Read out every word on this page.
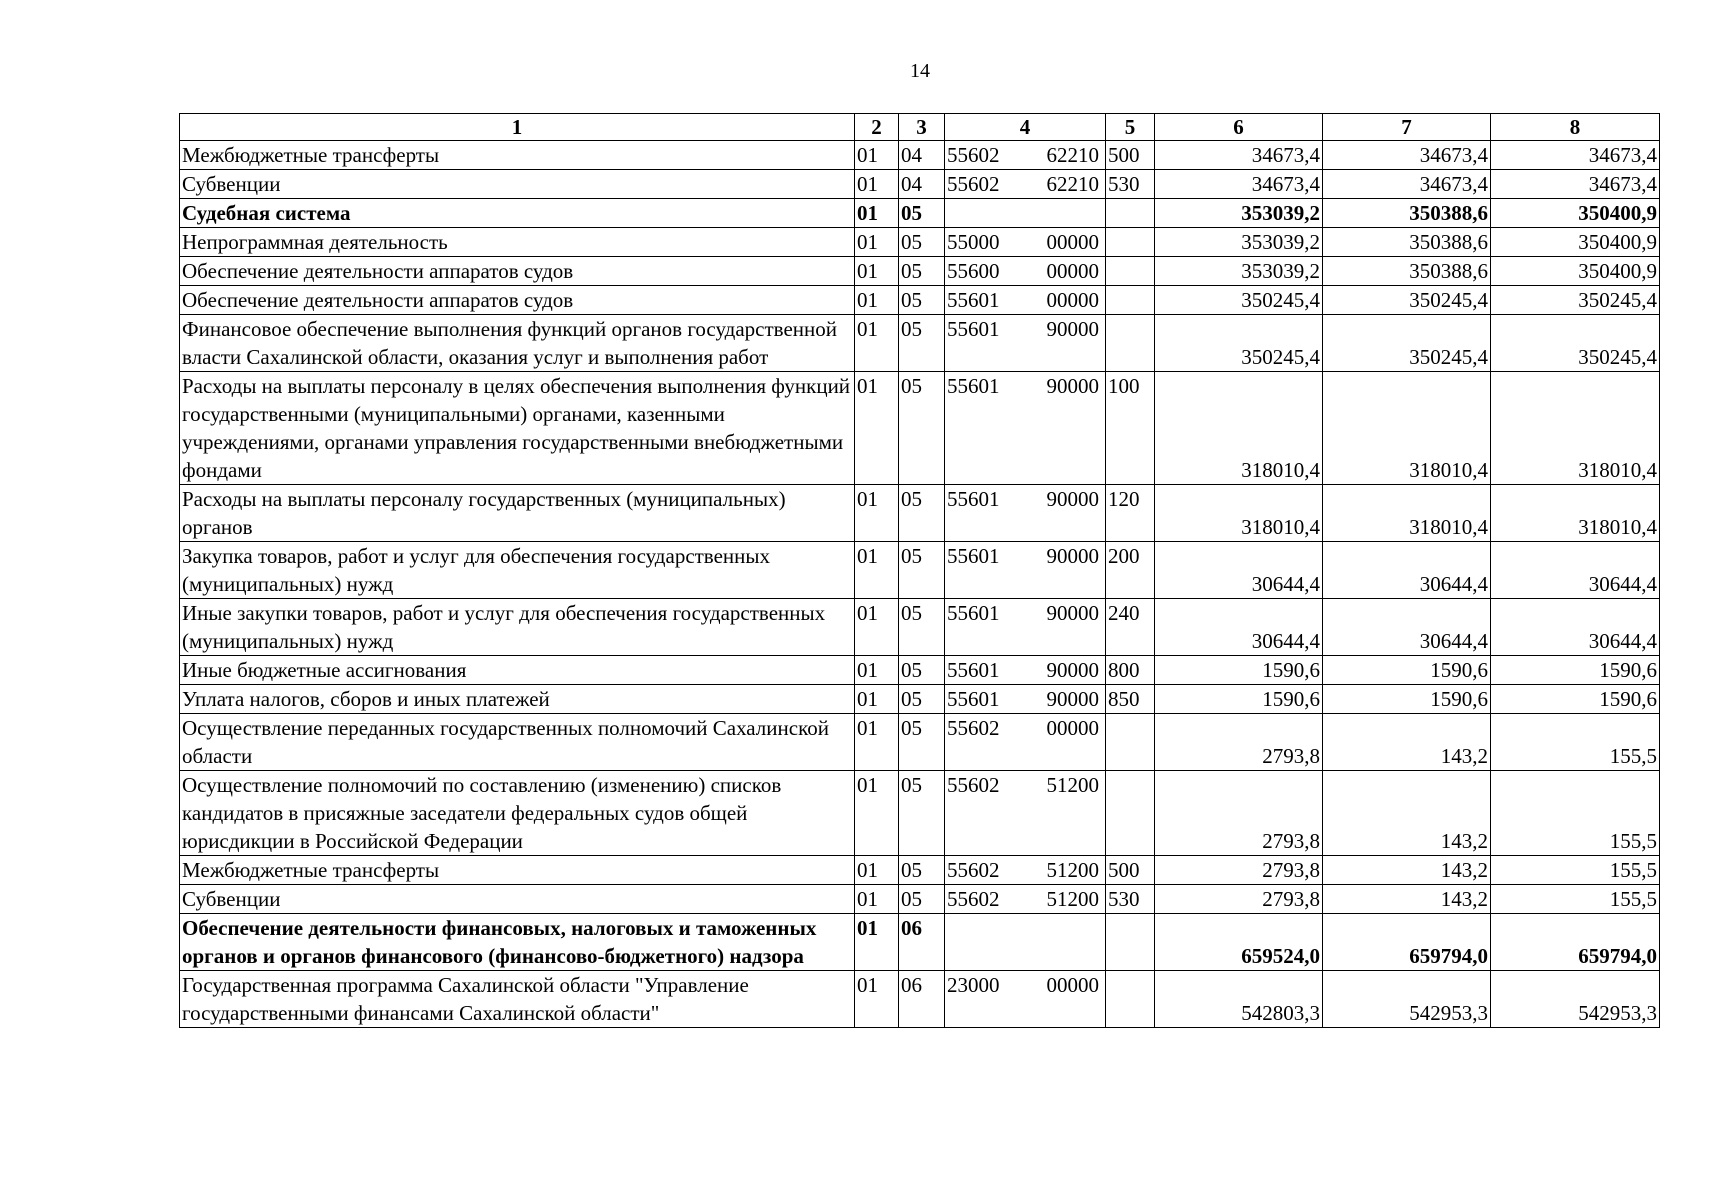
14
1	2	3	4		5	6	7	8
Межбюджетные трансферты	01	04	55602	62210	500	34673,4	34673,4	34673,4
Субвенции	01	04	55602	62210	530	34673,4	34673,4	34673,4
Судебная система	01	05				353039,2	350388,6	350400,9
Непрограммная деятельность	01	05	55000	00000		353039,2	350388,6	350400,9
Обеспечение деятельности аппаратов судов	01	05	55600	00000		353039,2	350388,6	350400,9
Обеспечение деятельности аппаратов судов	01	05	55601	00000		350245,4	350245,4	350245,4
Финансовое обеспечение выполнения функций органов государственной власти Сахалинской области, оказания услуг и выполнения работ	01	05	55601	90000		350245,4	350245,4	350245,4
Расходы на выплаты персоналу в целях обеспечения выполнения функций государственными (муниципальными) органами, казенными учреждениями, органами управления государственными внебюджетными фондами	01	05	55601	90000	100	318010,4	318010,4	318010,4
Расходы на выплаты персоналу государственных (муниципальных) органов	01	05	55601	90000	120	318010,4	318010,4	318010,4
Закупка товаров, работ и услуг для обеспечения государственных (муниципальных) нужд	01	05	55601	90000	200	30644,4	30644,4	30644,4
Иные закупки товаров, работ и услуг для обеспечения государственных (муниципальных) нужд	01	05	55601	90000	240	30644,4	30644,4	30644,4
Иные бюджетные ассигнования	01	05	55601	90000	800	1590,6	1590,6	1590,6
Уплата налогов, сборов и иных платежей	01	05	55601	90000	850	1590,6	1590,6	1590,6
Осуществление переданных государственных полномочий Сахалинской области	01	05	55602	00000		2793,8	143,2	155,5
Осуществление полномочий по составлению (изменению) списков кандидатов в присяжные заседатели федеральных судов общей юрисдикции в Российской Федерации	01	05	55602	51200		2793,8	143,2	155,5
Межбюджетные трансферты	01	05	55602	51200	500	2793,8	143,2	155,5
Субвенции	01	05	55602	51200	530	2793,8	143,2	155,5
Обеспечение деятельности финансовых, налоговых и таможенных органов и органов финансового (финансово-бюджетного) надзора	01	06				659524,0	659794,0	659794,0
Государственная программа Сахалинской области "Управление государственными финансами Сахалинской области"	01	06	23000	00000		542803,3	542953,3	542953,3
